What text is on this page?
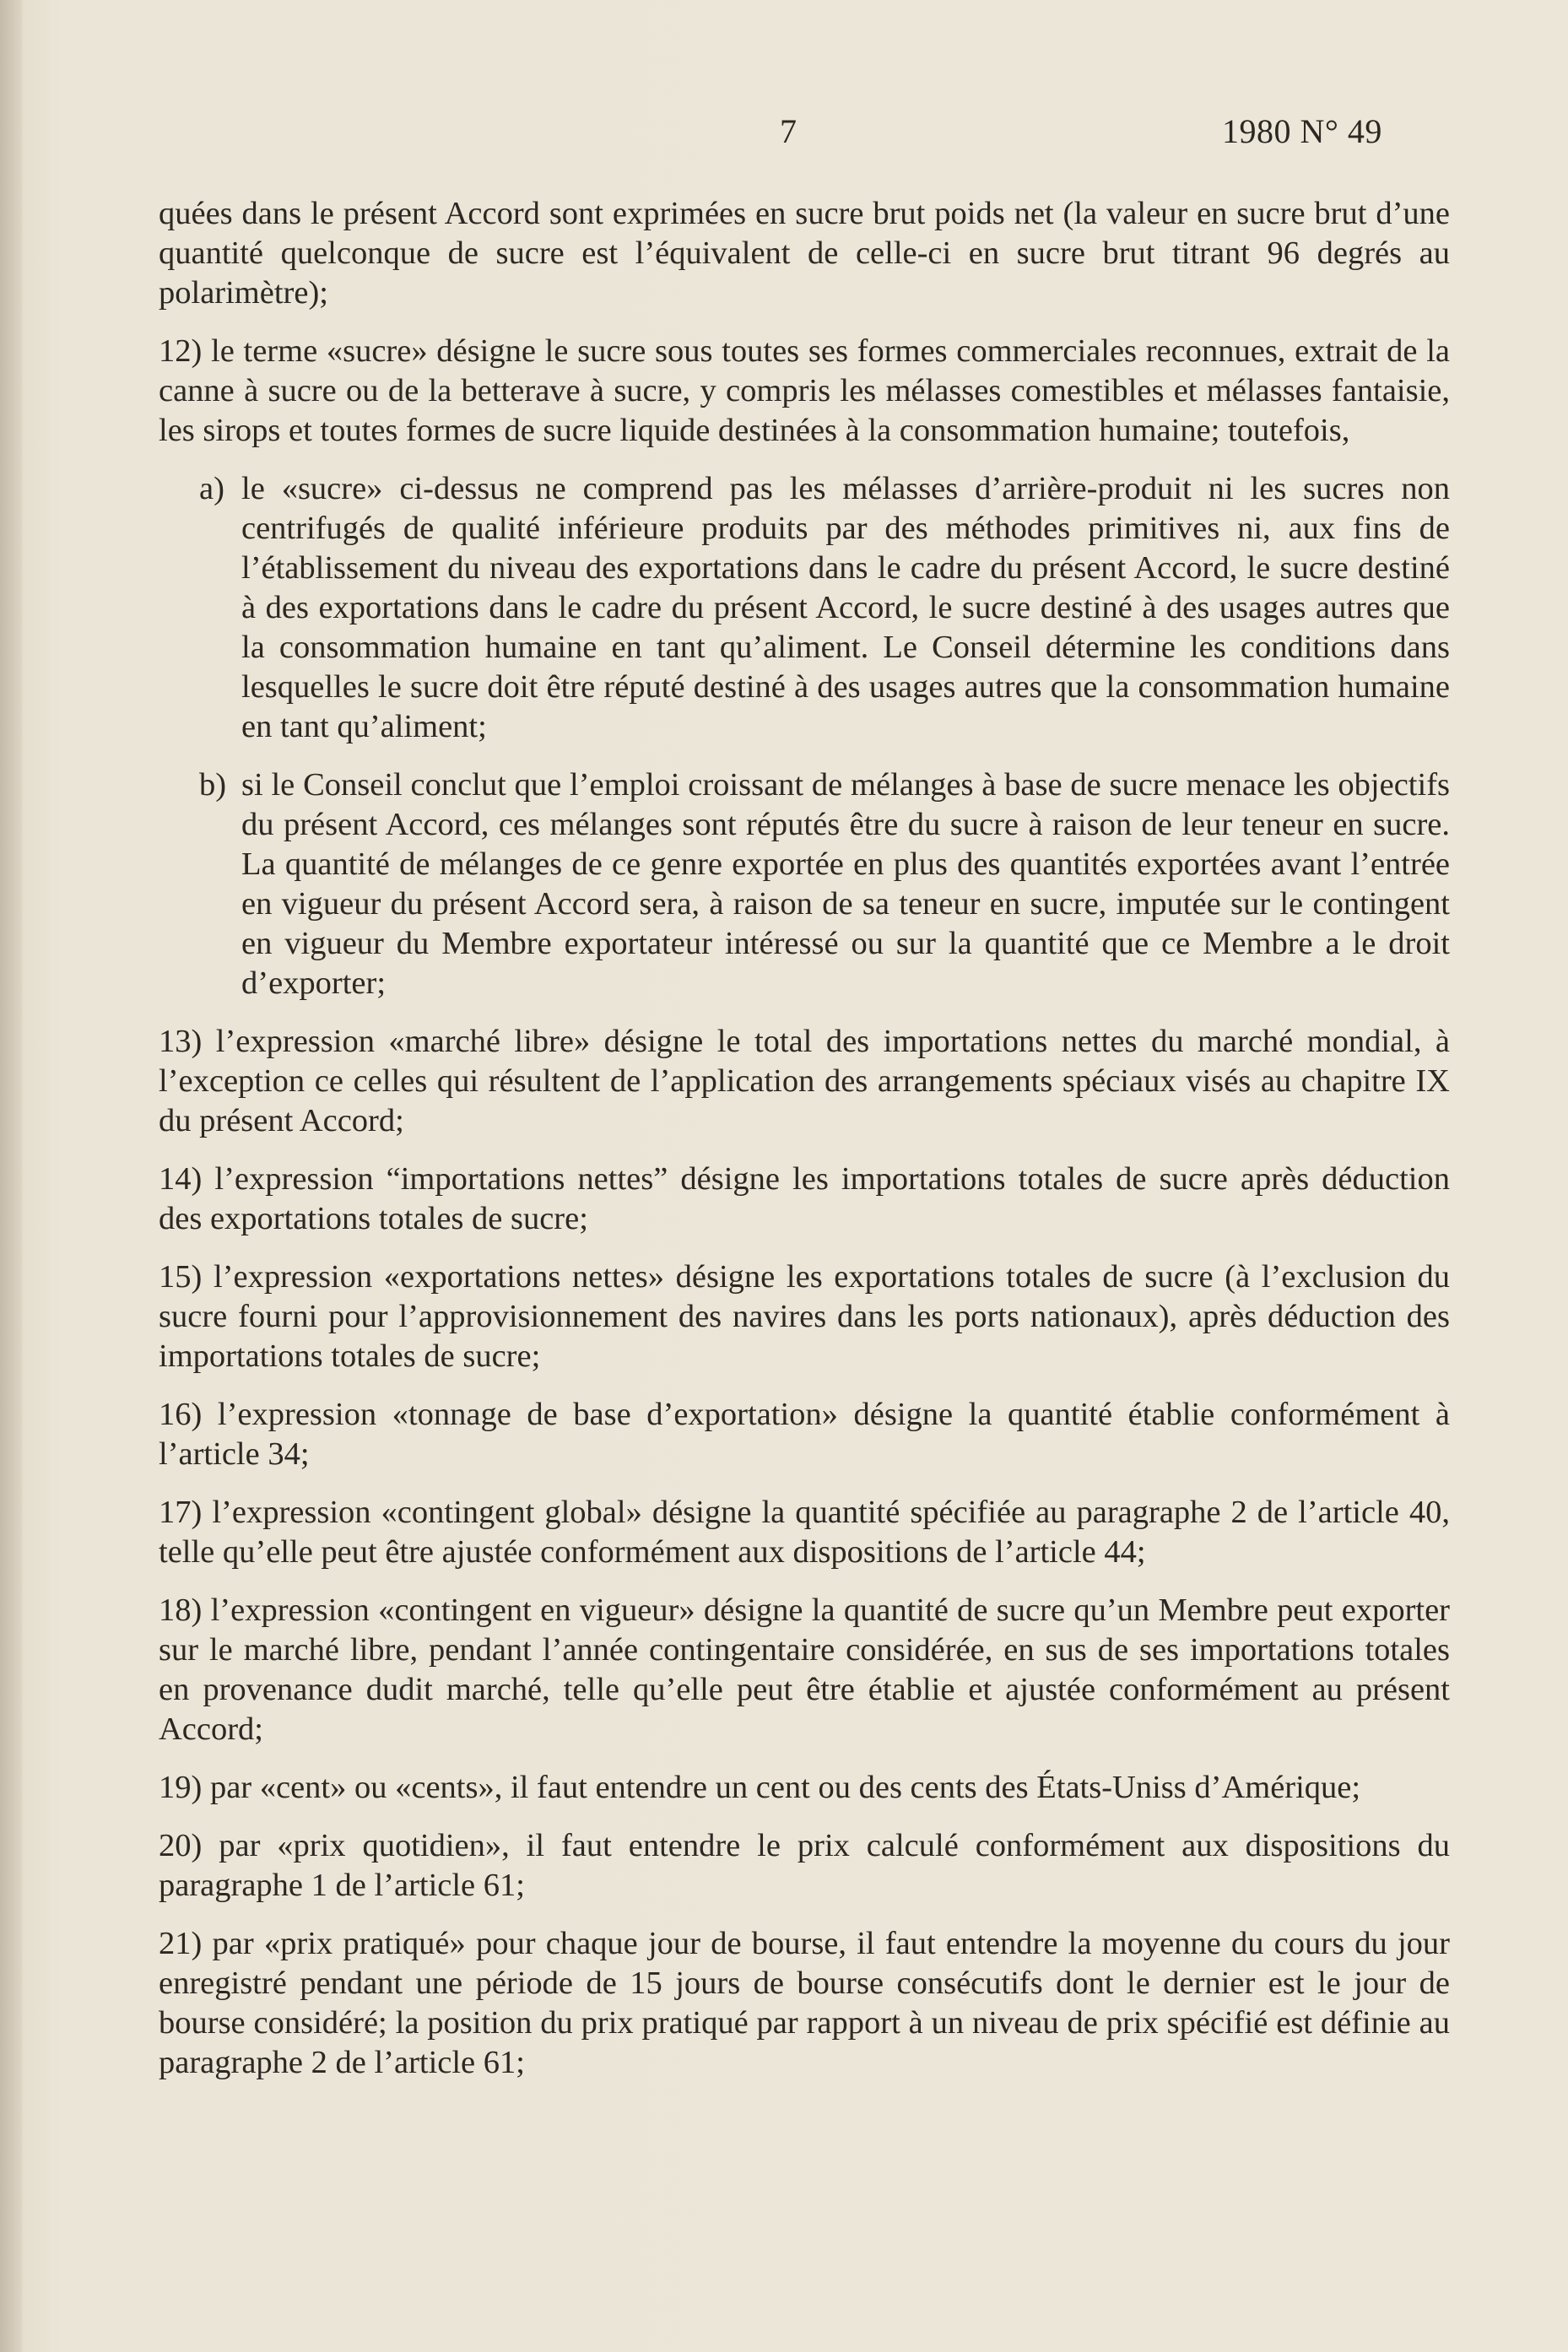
7	1980 N° 49

quées dans le présent Accord sont exprimées en sucre brut poids net (la valeur en sucre brut d’une quantité quelconque de sucre est l’équivalent de celle-ci en sucre brut titrant 96 degrés au polarimètre);

12) le terme «sucre» désigne le sucre sous toutes ses formes commerciales reconnues, extrait de la canne à sucre ou de la betterave à sucre, y compris les mélasses comestibles et mélasses fantaisie, les sirops et toutes formes de sucre liquide destinées à la consommation humaine; toutefois,

a) le «sucre» ci-dessus ne comprend pas les mélasses d’arrière-produit ni les sucres non centrifugés de qualité inférieure produits par des méthodes primitives ni, aux fins de l’établissement du niveau des exportations dans le cadre du présent Accord, le sucre destiné à des exportations dans le cadre du présent Accord, le sucre destiné à des usages autres que la consommation humaine en tant qu’aliment. Le Conseil détermine les conditions dans lesquelles le sucre doit être réputé destiné à des usages autres que la consommation humaine en tant qu’aliment;
b) si le Conseil conclut que l’emploi croissant de mélanges à base de sucre menace les objectifs du présent Accord, ces mélanges sont réputés être du sucre à raison de leur teneur en sucre. La quantité de mélanges de ce genre exportée en plus des quantités exportées avant l’entrée en vigueur du présent Accord sera, à raison de sa teneur en sucre, imputée sur le contingent en vigueur du Membre exportateur intéressé ou sur la quantité que ce Membre a le droit d’exporter;

13) l’expression «marché libre» désigne le total des importations nettes du marché mondial, à l’exception ce celles qui résultent de l’application des arrangements spéciaux visés au chapitre IX du présent Accord;

14) l’expression “importations nettes” désigne les importations totales de sucre après déduction des exportations totales de sucre;

15) l’expression «exportations nettes» désigne les exportations totales de sucre (à l’exclusion du sucre fourni pour l’approvisionnement des navires dans les ports nationaux), après déduction des importations totales de sucre;

16) l’expression «tonnage de base d’exportation» désigne la quantité établie conformément à l’article 34;

17) l’expression «contingent global» désigne la quantité spécifiée au paragraphe 2 de l’article 40, telle qu’elle peut être ajustée conformément aux dispositions de l’article 44;

18) l’expression «contingent en vigueur» désigne la quantité de sucre qu’un Membre peut exporter sur le marché libre, pendant l’année contingentaire considérée, en sus de ses importations totales en provenance dudit marché, telle qu’elle peut être établie et ajustée conformément au présent Accord;

19) par «cent» ou «cents», il faut entendre un cent ou des cents des États-Uniss d’Amérique;

20) par «prix quotidien», il faut entendre le prix calculé conformément aux dispositions du paragraphe 1 de l’article 61;

21) par «prix pratiqué» pour chaque jour de bourse, il faut entendre la moyenne du cours du jour enregistré pendant une période de 15 jours de bourse consécutifs dont le dernier est le jour de bourse considéré; la position du prix pratiqué par rapport à un niveau de prix spécifié est définie au paragraphe 2 de l’article 61;
